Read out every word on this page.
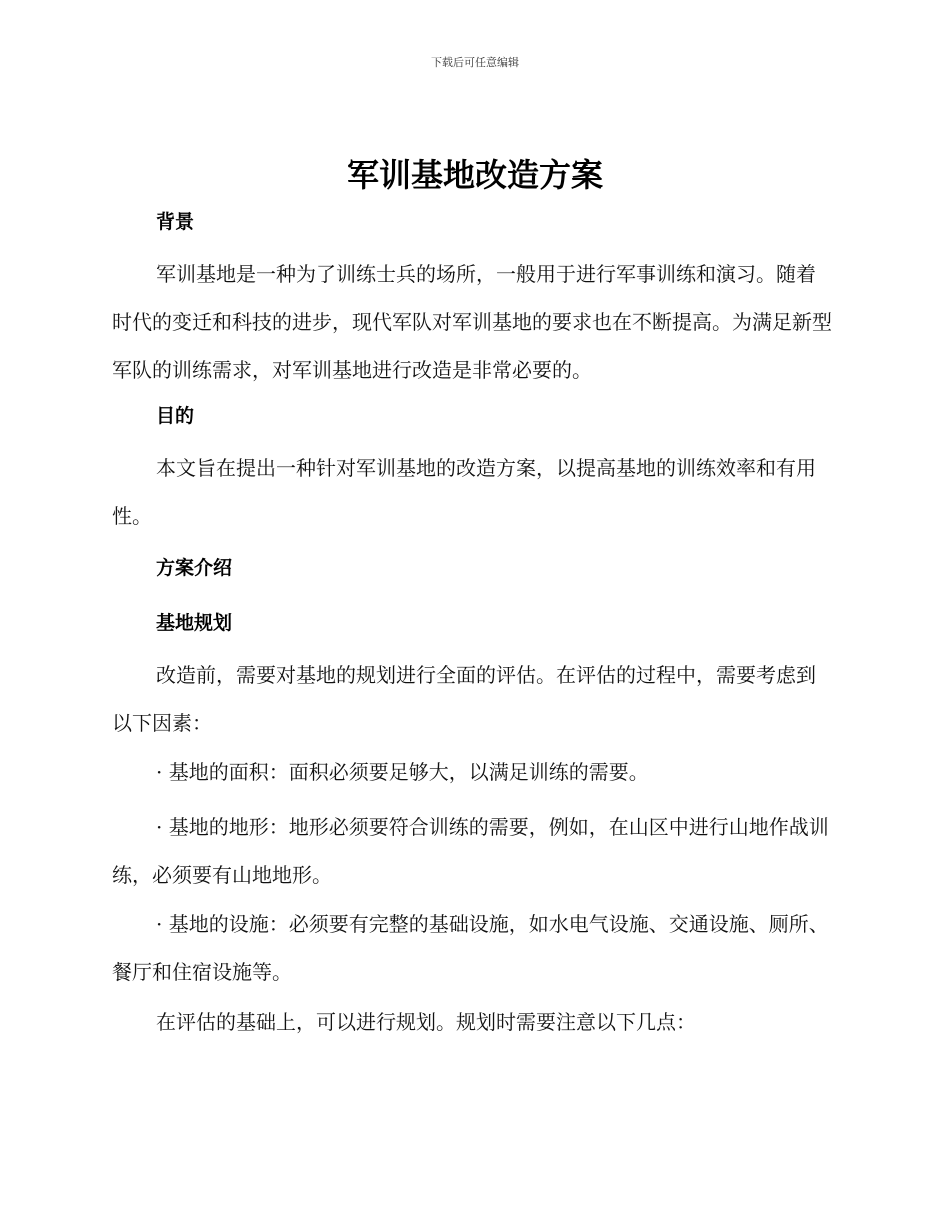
下载后可任意编辑
军训基地改造方案
背景

军训基地是一种为了训练士兵的场所，一般用于进行军事训练和演习。随着时代的变迁和科技的进步，现代军队对军训基地的要求也在不断提高。为满足新型军队的训练需求，对军训基地进行改造是非常必要的。

目的

本文旨在提出一种针对军训基地的改造方案，以提高基地的训练效率和有用性。

方案介绍
基地规划

改造前，需要对基地的规划进行全面的评估。在评估的过程中，需要考虑到以下因素：

· 基地的面积：面积必须要足够大，以满足训练的需要。

· 基地的地形：地形必须要符合训练的需要，例如，在山区中进行山地作战训练，必须要有山地地形。

· 基地的设施：必须要有完整的基础设施，如水电气设施、交通设施、厕所、餐厅和住宿设施等。

在评估的基础上，可以进行规划。规划时需要注意以下几点：
